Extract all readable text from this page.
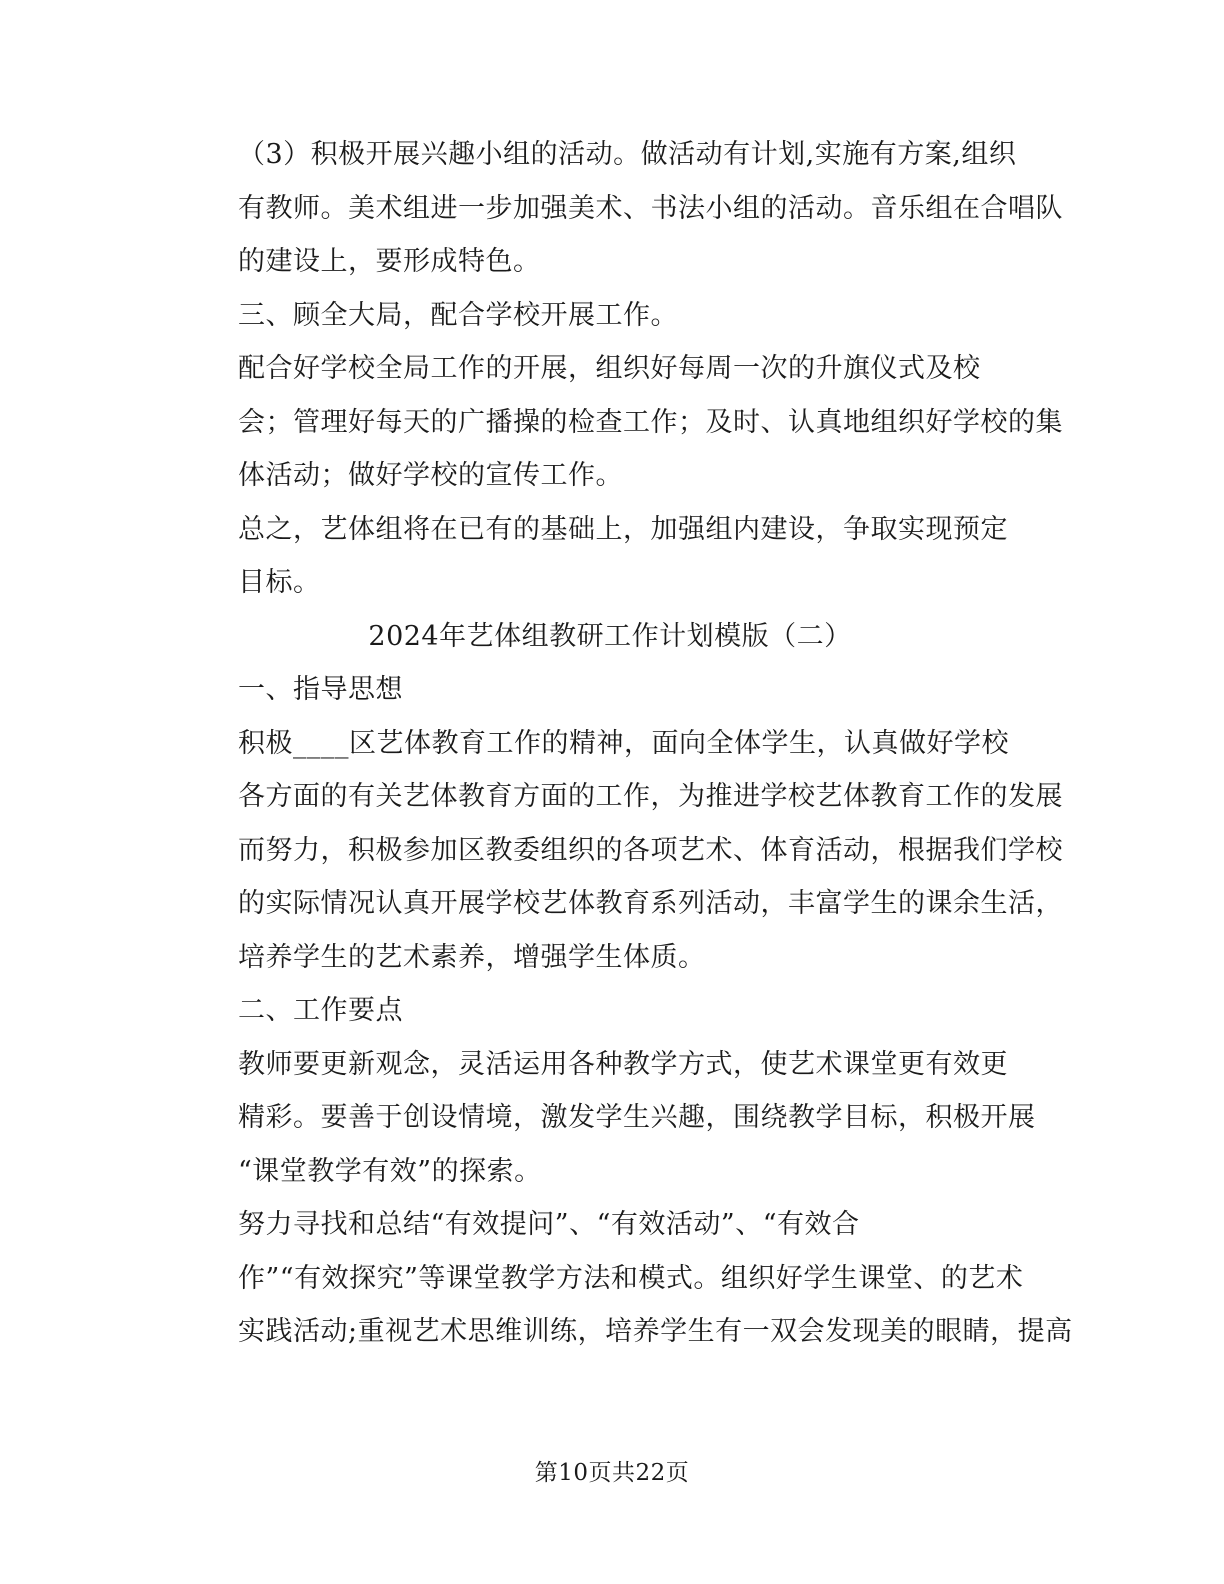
（3）积极开展兴趣小组的活动。做活动有计划,实施有方案,组织
有教师。美术组进一步加强美术、书法小组的活动。音乐组在合唱队
的建设上，要形成特色。

三、顾全大局，配合学校开展工作。

配合好学校全局工作的开展，组织好每周一次的升旗仪式及校
会；管理好每天的广播操的检查工作；及时、认真地组织好学校的集
体活动；做好学校的宣传工作。

总之，艺体组将在已有的基础上，加强组内建设，争取实现预定
目标。

2024年艺体组教研工作计划模版（二）

一、指导思想

积极____区艺体教育工作的精神，面向全体学生，认真做好学校
各方面的有关艺体教育方面的工作，为推进学校艺体教育工作的发展
而努力，积极参加区教委组织的各项艺术、体育活动，根据我们学校
的实际情况认真开展学校艺体教育系列活动，丰富学生的课余生活，
培养学生的艺术素养，增强学生体质。

二、工作要点

教师要更新观念，灵活运用各种教学方式，使艺术课堂更有效更
精彩。要善于创设情境，激发学生兴趣，围绕教学目标，积极开展
“课堂教学有效”的探索。

努力寻找和总结“有效提问”、“有效活动”、“有效合
作”“有效探究”等课堂教学方法和模式。组织好学生课堂、的艺术
实践活动;重视艺术思维训练，培养学生有一双会发现美的眼睛，提高

第10页共22页
